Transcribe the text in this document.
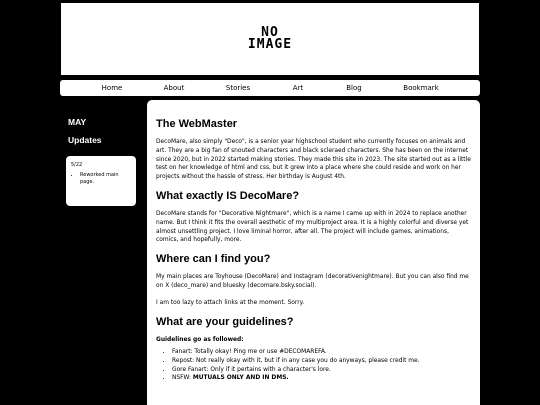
NO
IMAGE
Home	About	Stories	Art	Blog	Bookmark
MAY
Updates
5/22
• Reworked main page.
The WebMaster

DecoMare, also simply "Deco", is a senior year highschool student who currently focuses on animals and art. They are a big fan of snouted characters and black scleraed characters. She has been on the internet since 2020, but in 2022 started making stories. They made this site in 2023. The site started out as a little test on her knowledge of html and css, but it grew into a place where she could reside and work on her projects without the hassle of stress. Her birthday is August 4th.

What exactly IS DecoMare?

DecoMare stands for "Decorative Nightmare", which is a name I came up with in 2024 to replace another name. But I think it fits the overall aesthetic of my multiproject area. It is a highly colorful and diverse yet almost unsettling project. I love liminal horror, after all. The project will include games, animations, comics, and hopefully, more.

Where can I find you?

My main places are Toyhouse (DecoMare) and Instagram (decorativenightmare). But you can also find me on X (deco_mare) and bluesky (decomare.bsky.social).

I am too lazy to attach links at the moment. Sorry.

What are your guidelines?

Guidelines go as followed:

• Fanart: Totally okay! Ping me or use #DECOMAREFA.
• Repost: Not really okay with it, but if in any case you do anyways, please credit me.
• Gore Fanart: Only if it pertains with a character's lore.
• NSFW: MUTUALS ONLY AND IN DMS.
